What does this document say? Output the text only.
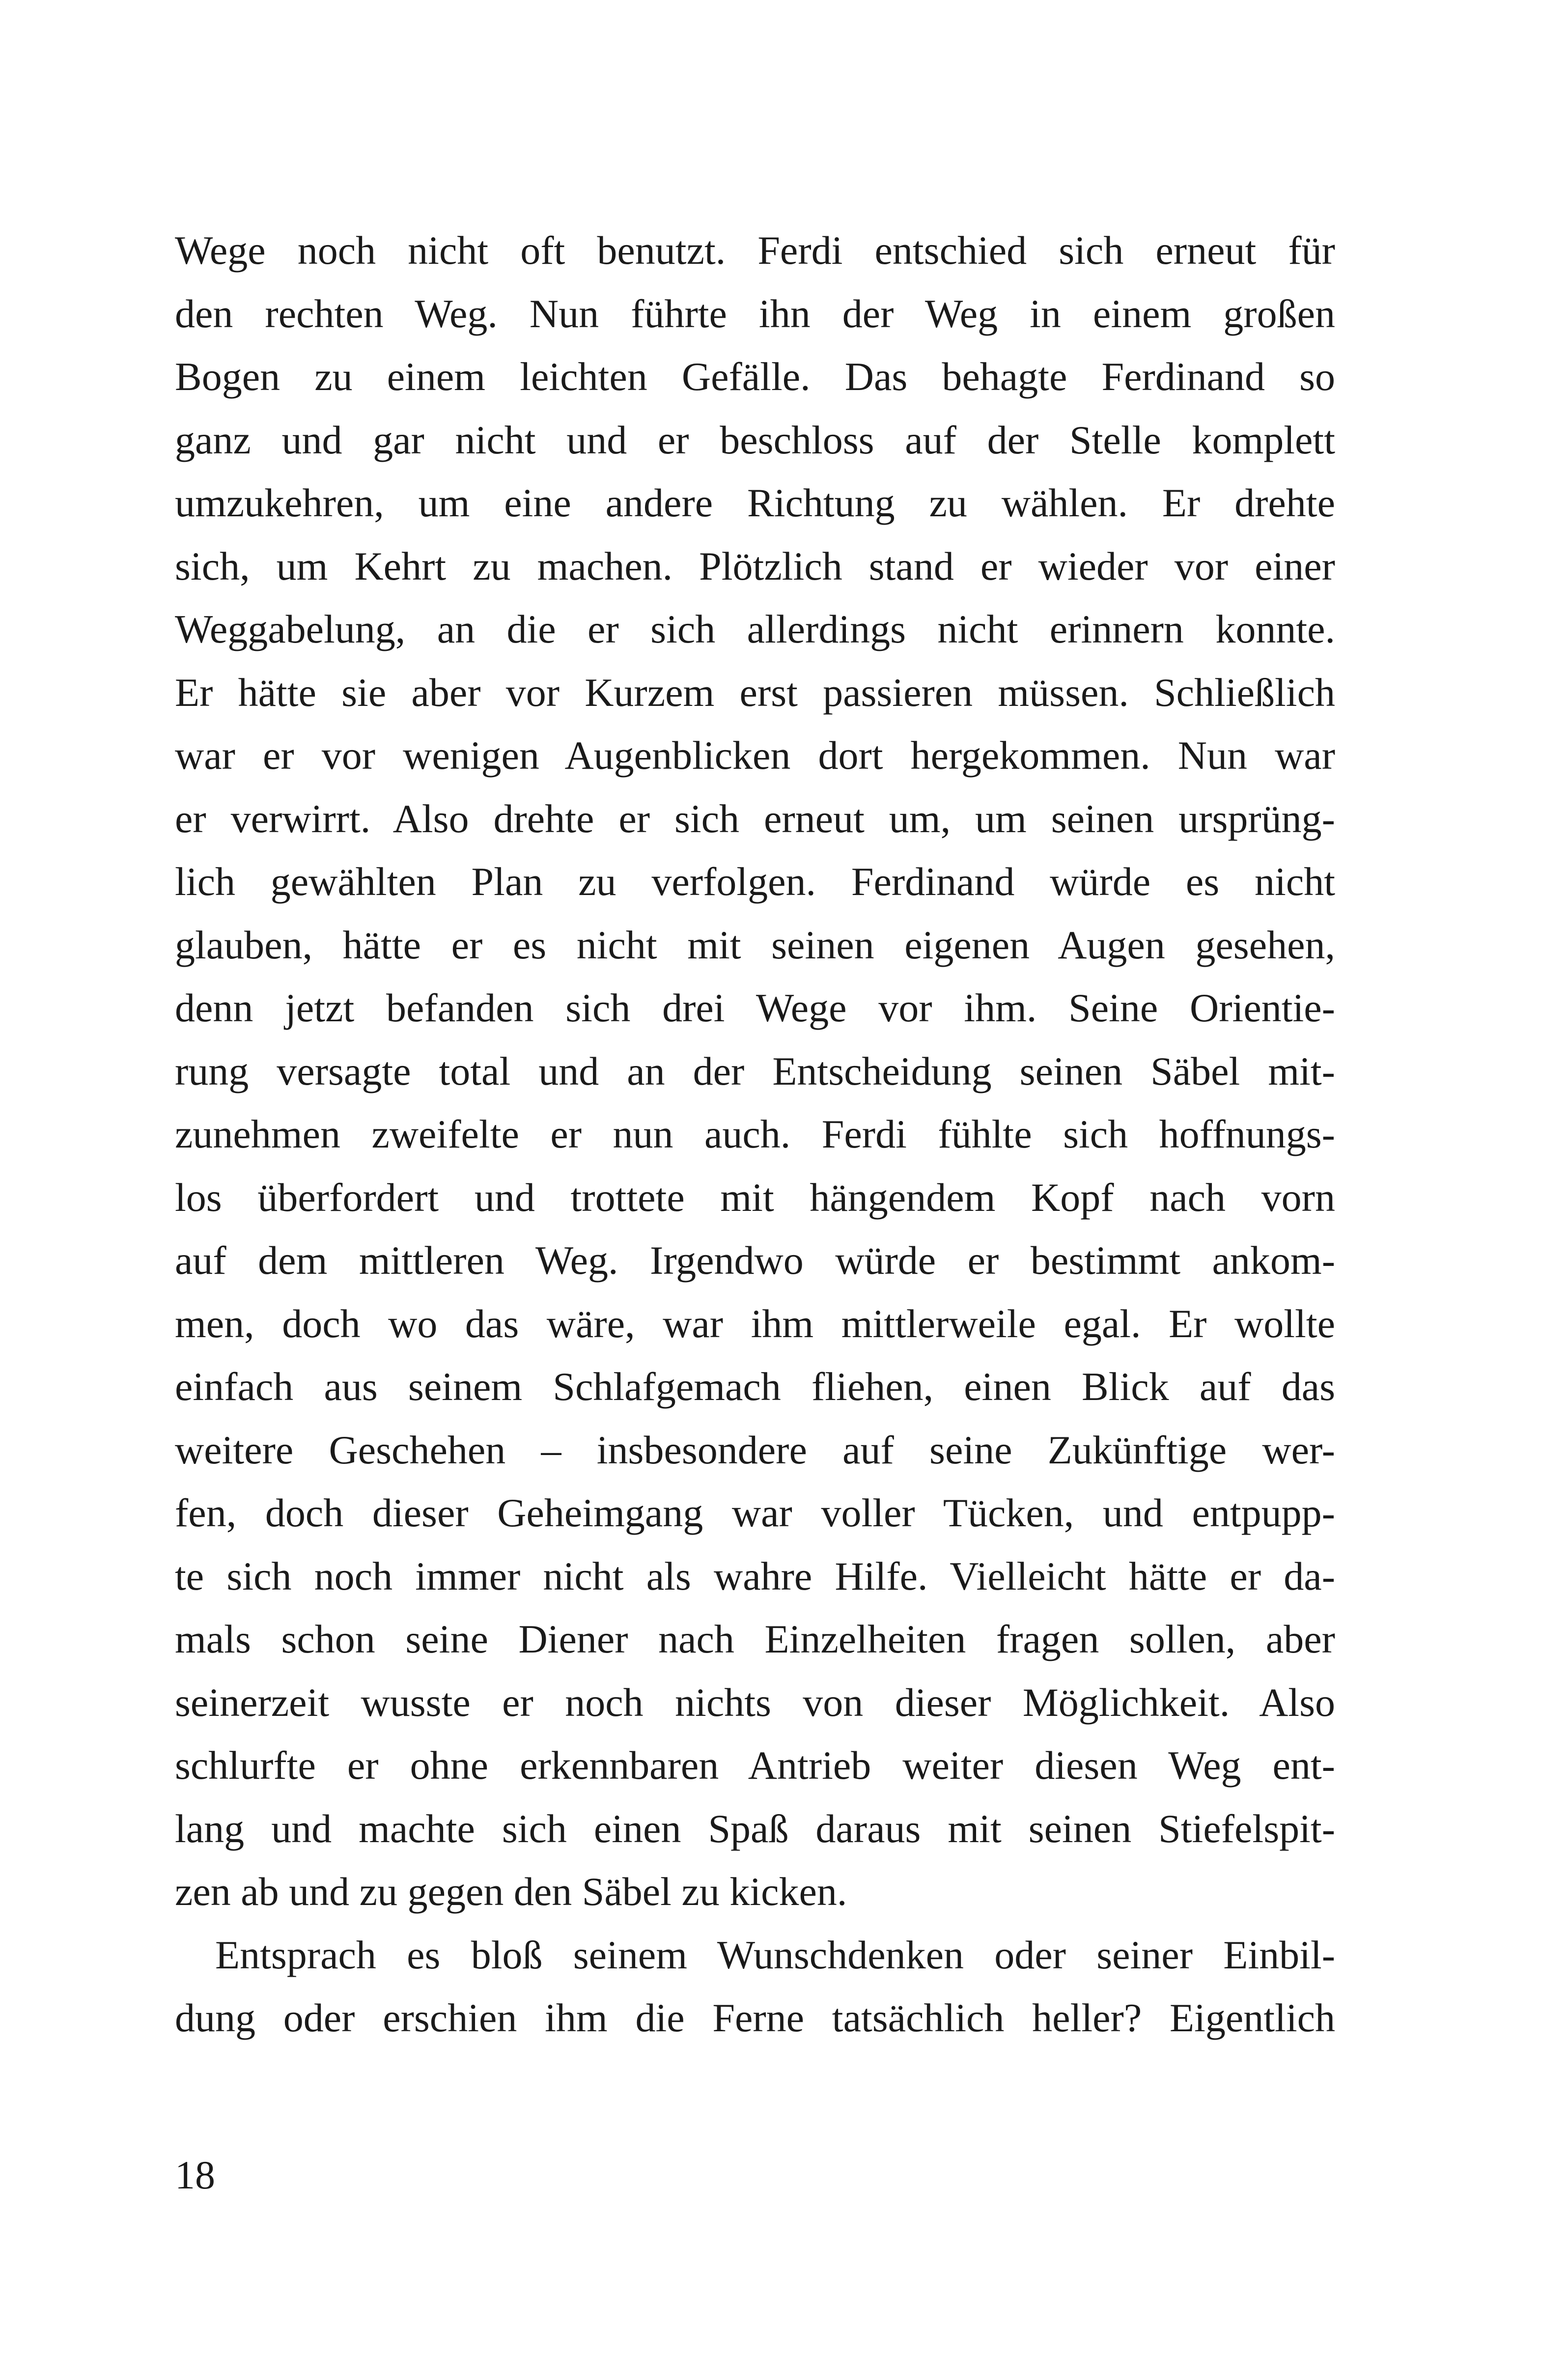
Wege noch nicht oft benutzt. Ferdi entschied sich erneut für
den rechten Weg. Nun führte ihn der Weg in einem großen
Bogen zu einem leichten Gefälle. Das behagte Ferdinand so
ganz und gar nicht und er beschloss auf der Stelle komplett
umzukehren, um eine andere Richtung zu wählen. Er drehte
sich, um Kehrt zu machen. Plötzlich stand er wieder vor einer
Weggabelung, an die er sich allerdings nicht erinnern konnte.
Er hätte sie aber vor Kurzem erst passieren müssen. Schließlich
war er vor wenigen Augenblicken dort hergekommen. Nun war
er verwirrt. Also drehte er sich erneut um, um seinen ursprüng-
lich gewählten Plan zu verfolgen. Ferdinand würde es nicht
glauben, hätte er es nicht mit seinen eigenen Augen gesehen,
denn jetzt befanden sich drei Wege vor ihm. Seine Orientie-
rung versagte total und an der Entscheidung seinen Säbel mit-
zunehmen zweifelte er nun auch. Ferdi fühlte sich hoffnungs-
los überfordert und trottete mit hängendem Kopf nach vorn
auf dem mittleren Weg. Irgendwo würde er bestimmt ankom-
men, doch wo das wäre, war ihm mittlerweile egal. Er wollte
einfach aus seinem Schlafgemach fliehen, einen Blick auf das
weitere Geschehen – insbesondere auf seine Zukünftige wer-
fen, doch dieser Geheimgang war voller Tücken, und entpupp-
te sich noch immer nicht als wahre Hilfe. Vielleicht hätte er da-
mals schon seine Diener nach Einzelheiten fragen sollen, aber
seinerzeit wusste er noch nichts von dieser Möglichkeit. Also
schlurfte er ohne erkennbaren Antrieb weiter diesen Weg ent-
lang und machte sich einen Spaß daraus mit seinen Stiefelspit-
zen ab und zu gegen den Säbel zu kicken.
Entsprach es bloß seinem Wunschdenken oder seiner Einbil-
dung oder erschien ihm die Ferne tatsächlich heller? Eigentlich
18
